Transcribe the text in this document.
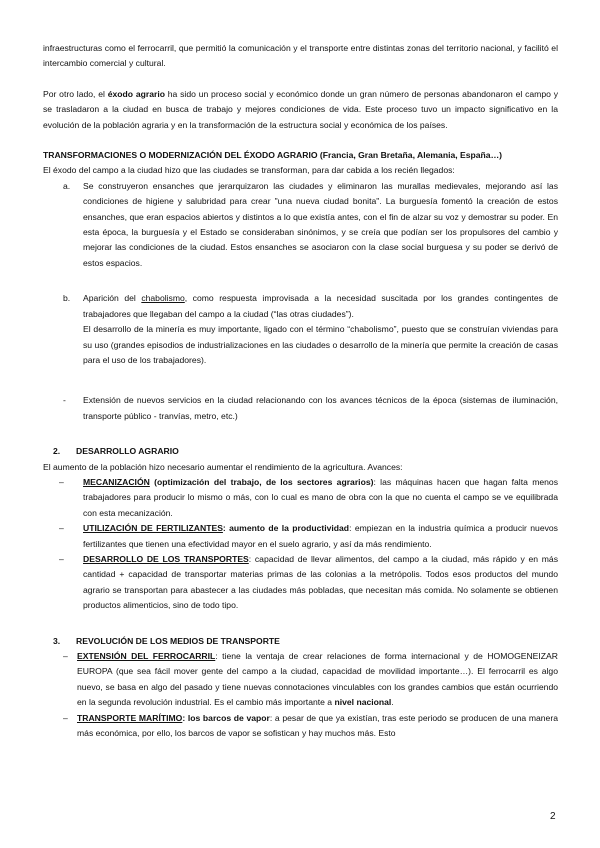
infraestructuras como el ferrocarril, que permitió la comunicación y el transporte entre distintas zonas del territorio nacional, y facilitó el intercambio comercial y cultural.

Por otro lado, el éxodo agrario ha sido un proceso social y económico donde un gran número de personas abandonaron el campo y se trasladaron a la ciudad en busca de trabajo y mejores condiciones de vida. Este proceso tuvo un impacto significativo en la evolución de la población agraria y en la transformación de la estructura social y económica de los países.

TRANSFORMACIONES O MODERNIZACIÓN DEL ÉXODO AGRARIO (Francia, Gran Bretaña, Alemania, España…)

El éxodo del campo a la ciudad hizo que las ciudades se transforman, para dar cabida a los recién llegados:

a.	Se construyeron ensanches que jerarquizaron las ciudades y eliminaron las murallas medievales, mejorando así las condiciones de higiene y salubridad para crear "una nueva ciudad bonita". La burguesía fomentó la creación de estos ensanches, que eran espacios abiertos y distintos a lo que existía antes, con el fin de alzar su voz y demostrar su poder. En esta época, la burguesía y el Estado se consideraban sinónimos, y se creía que podían ser los propulsores del cambio y mejorar las condiciones de la ciudad. Estos ensanches se asociaron con la clase social burguesa y su poder se derivó de estos espacios.

b.	Aparición del chabolismo, como respuesta improvisada a la necesidad suscitada por los grandes contingentes de trabajadores que llegaban del campo a la ciudad (“las otras ciudades”).

El desarrollo de la minería es muy importante, ligado con el término “chabolismo”, puesto que se construían viviendas para su uso (grandes episodios de industrializaciones en las ciudades o desarrollo de la minería que permite la creación de casas para el uso de los trabajadores).

-	Extensión de nuevos servicios en la ciudad relacionando con los avances técnicos de la época (sistemas de iluminación, transporte público - tranvías, metro, etc.)

2.	DESARROLLO AGRARIO

El aumento de la población hizo necesario aumentar el rendimiento de la agricultura. Avances:

–	MECANIZACIÓN (optimización del trabajo, de los sectores agrarios): las máquinas hacen que hagan falta menos trabajadores para producir lo mismo o más, con lo cual es mano de obra con la que no cuenta el campo se ve equilibrada con esta mecanización.

–	UTILIZACIÓN DE FERTILIZANTES: aumento de la productividad: empiezan en la industria química a producir nuevos fertilizantes que tienen una efectividad mayor en el suelo agrario, y así da más rendimiento.

–	DESARROLLO DE LOS TRANSPORTES: capacidad de llevar alimentos, del campo a la ciudad, más rápido y en más cantidad + capacidad de transportar materias primas de las colonias a la metrópolis. Todos esos productos del mundo agrario se transportan para abastecer a las ciudades más pobladas, que necesitan más comida. No solamente se obtienen productos alimenticios, sino de todo tipo.

3.	REVOLUCIÓN DE LOS MEDIOS DE TRANSPORTE
–	EXTENSIÓN DEL FERROCARRIL: tiene la ventaja de crear relaciones de forma internacional y de HOMOGENEIZAR EUROPA (que sea fácil mover gente del campo a la ciudad, capacidad de movilidad importante…). El ferrocarril es algo nuevo, se basa en algo del pasado y tiene nuevas connotaciones vinculables con los grandes cambios que están ocurriendo en la segunda revolución industrial. Es el cambio más importante a nivel nacional.

–	TRANSPORTE MARÍTIMO: los barcos de vapor: a pesar de que ya existían, tras este periodo se producen de una manera más económica, por ello, los barcos de vapor se sofistican y hay muchos más. Esto

2
